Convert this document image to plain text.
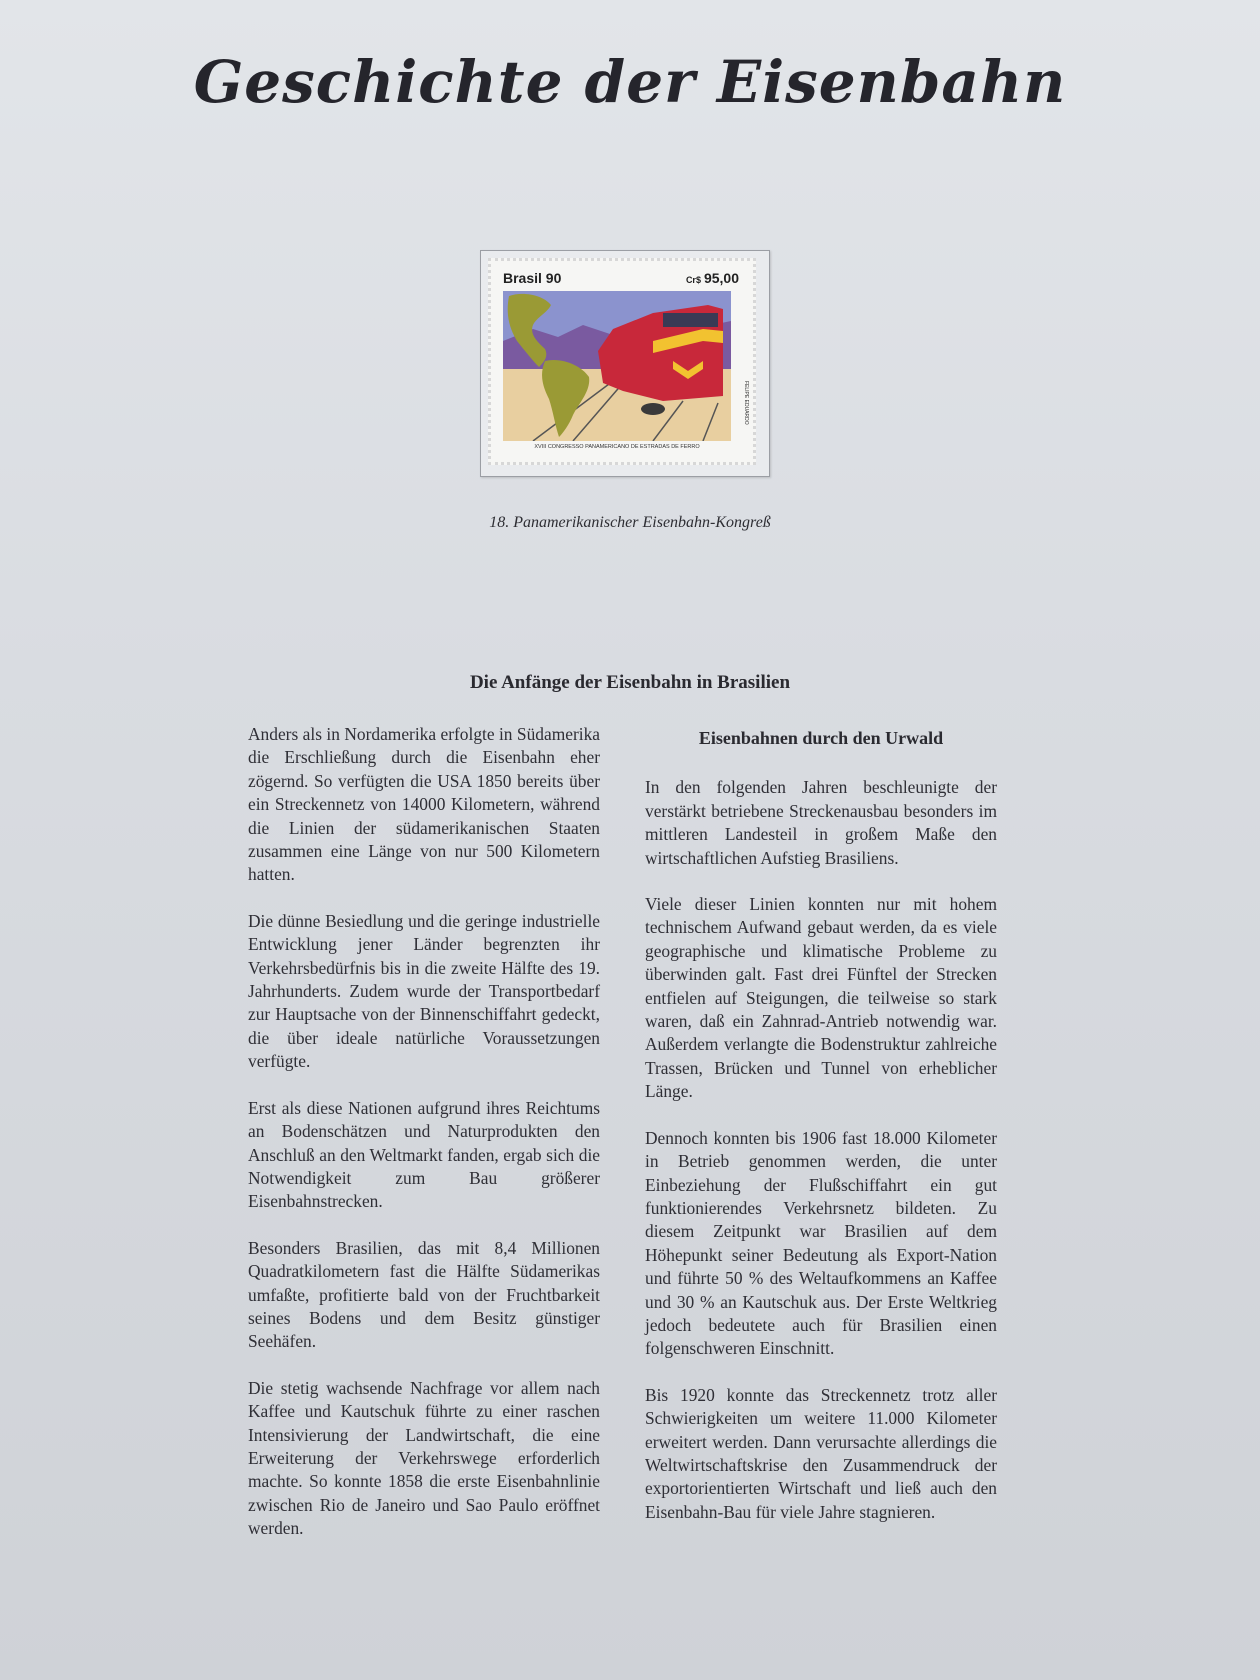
Geschichte der Eisenbahn
Brasil 90	Cr$ 95,00
FELIPE EDUARDO
XVIII CONGRESSO PANAMERICANO DE ESTRADAS DE FERRO
18. Panamerikanischer Eisenbahn-Kongreß
Die Anfänge der Eisenbahn in Brasilien

Anders als in Nordamerika erfolgte in Südamerika die Erschließung durch die Eisenbahn eher zögernd. So verfügten die USA 1850 bereits über ein Streckennetz von 14000 Kilometern, während die Linien der südamerikanischen Staaten zusammen eine Länge von nur 500 Kilometern hatten.

Die dünne Besiedlung und die geringe industrielle Entwicklung jener Länder begrenzten ihr Verkehrsbedürfnis bis in die zweite Hälfte des 19. Jahrhunderts. Zudem wurde der Transportbedarf zur Hauptsache von der Binnenschiffahrt gedeckt, die über ideale natürliche Voraussetzungen verfügte.

Erst als diese Nationen aufgrund ihres Reichtums an Bodenschätzen und Naturprodukten den Anschluß an den Weltmarkt fanden, ergab sich die Notwendigkeit zum Bau größerer Eisenbahnstrecken.

Besonders Brasilien, das mit 8,4 Millionen Quadratkilometern fast die Hälfte Südamerikas umfaßte, profitierte bald von der Fruchtbarkeit seines Bodens und dem Besitz günstiger Seehäfen.

Die stetig wachsende Nachfrage vor allem nach Kaffee und Kautschuk führte zu einer raschen Intensivierung der Landwirtschaft, die eine Erweiterung der Verkehrswege erforderlich machte. So konnte 1858 die erste Eisenbahnlinie zwischen Rio de Janeiro und Sao Paulo eröffnet werden.

Eisenbahnen durch den Urwald

In den folgenden Jahren beschleunigte der verstärkt betriebene Streckenausbau besonders im mittleren Landesteil in großem Maße den wirtschaftlichen Aufstieg Brasiliens.

Viele dieser Linien konnten nur mit hohem technischem Aufwand gebaut werden, da es viele geographische und klimatische Probleme zu überwinden galt. Fast drei Fünftel der Strecken entfielen auf Steigungen, die teilweise so stark waren, daß ein Zahnrad-Antrieb notwendig war. Außerdem verlangte die Bodenstruktur zahlreiche Trassen, Brücken und Tunnel von erheblicher Länge.

Dennoch konnten bis 1906 fast 18.000 Kilometer in Betrieb genommen werden, die unter Einbeziehung der Flußschiffahrt ein gut funktionierendes Verkehrsnetz bildeten. Zu diesem Zeitpunkt war Brasilien auf dem Höhepunkt seiner Bedeutung als Export-Nation und führte 50 % des Weltaufkommens an Kaffee und 30 % an Kautschuk aus. Der Erste Weltkrieg jedoch bedeutete auch für Brasilien einen folgenschweren Einschnitt.

Bis 1920 konnte das Streckennetz trotz aller Schwierigkeiten um weitere 11.000 Kilometer erweitert werden. Dann verursachte allerdings die Weltwirtschaftskrise den Zusammendruck der exportorientierten Wirtschaft und ließ auch den Eisenbahn-Bau für viele Jahre stagnieren.
